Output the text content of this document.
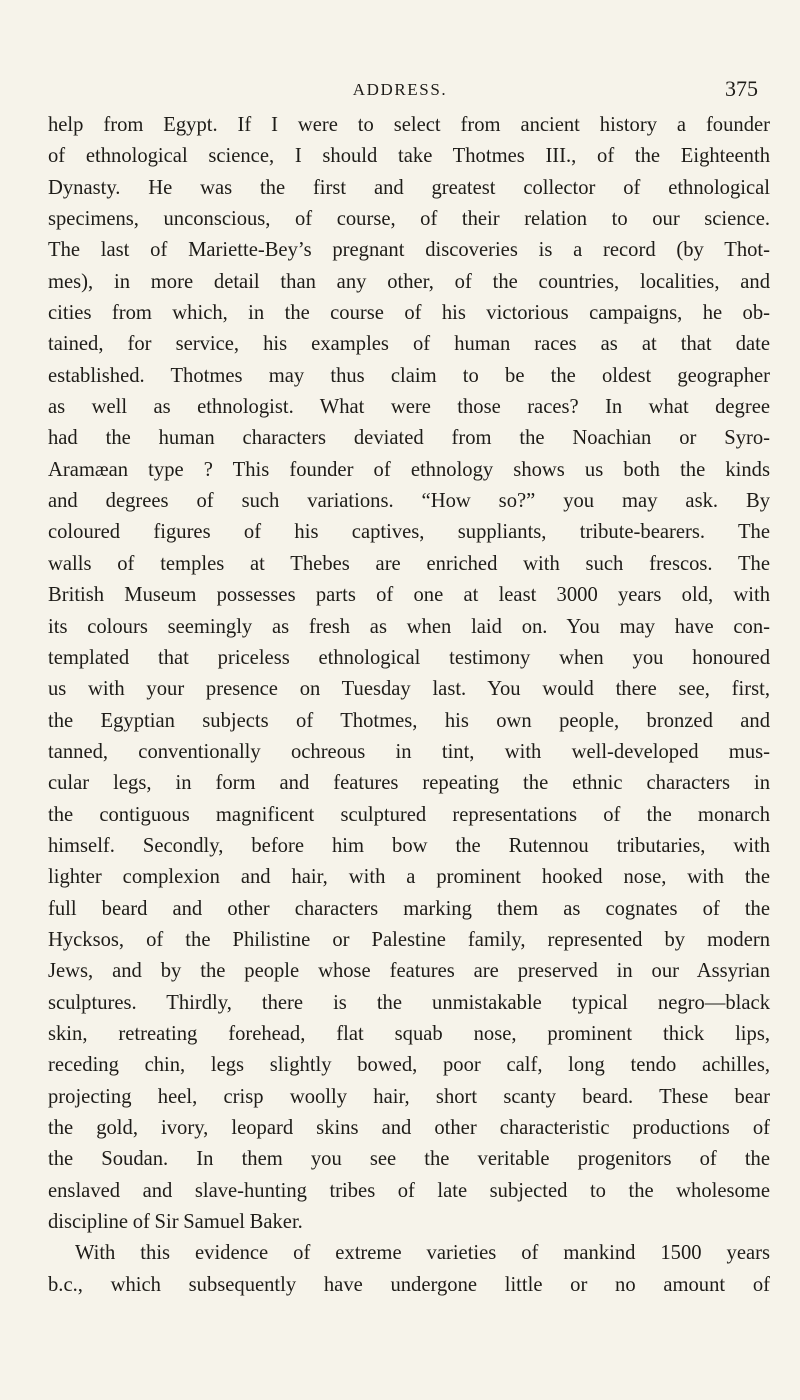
ADDRESS.	375
help from Egypt. If I were to select from ancient history a founder
of ethnological science, I should take Thotmes III., of the Eighteenth
Dynasty. He was the first and greatest collector of ethnological
specimens, unconscious, of course, of their relation to our science.
The last of Mariette-Bey’s pregnant discoveries is a record (by Thot-
mes), in more detail than any other, of the countries, localities, and
cities from which, in the course of his victorious campaigns, he ob-
tained, for service, his examples of human races as at that date
established. Thotmes may thus claim to be the oldest geographer
as well as ethnologist. What were those races? In what degree
had the human characters deviated from the Noachian or Syro-
Aramæan type ? This founder of ethnology shows us both the kinds
and degrees of such variations. “How so?” you may ask. By
coloured figures of his captives, suppliants, tribute-bearers. The
walls of temples at Thebes are enriched with such frescos. The
British Museum possesses parts of one at least 3000 years old, with
its colours seemingly as fresh as when laid on. You may have con-
templated that priceless ethnological testimony when you honoured
us with your presence on Tuesday last. You would there see, first,
the Egyptian subjects of Thotmes, his own people, bronzed and
tanned, conventionally ochreous in tint, with well-developed mus-
cular legs, in form and features repeating the ethnic characters in
the contiguous magnificent sculptured representations of the monarch
himself. Secondly, before him bow the Rutennou tributaries, with
lighter complexion and hair, with a prominent hooked nose, with the
full beard and other characters marking them as cognates of the
Hycksos, of the Philistine or Palestine family, represented by modern
Jews, and by the people whose features are preserved in our Assyrian
sculptures. Thirdly, there is the unmistakable typical negro—black
skin, retreating forehead, flat squab nose, prominent thick lips,
receding chin, legs slightly bowed, poor calf, long tendo achilles,
projecting heel, crisp woolly hair, short scanty beard. These bear
the gold, ivory, leopard skins and other characteristic productions of
the Soudan. In them you see the veritable progenitors of the
enslaved and slave-hunting tribes of late subjected to the wholesome
discipline of Sir Samuel Baker.
With this evidence of extreme varieties of mankind 1500 years
b.c., which subsequently have undergone little or no amount of
